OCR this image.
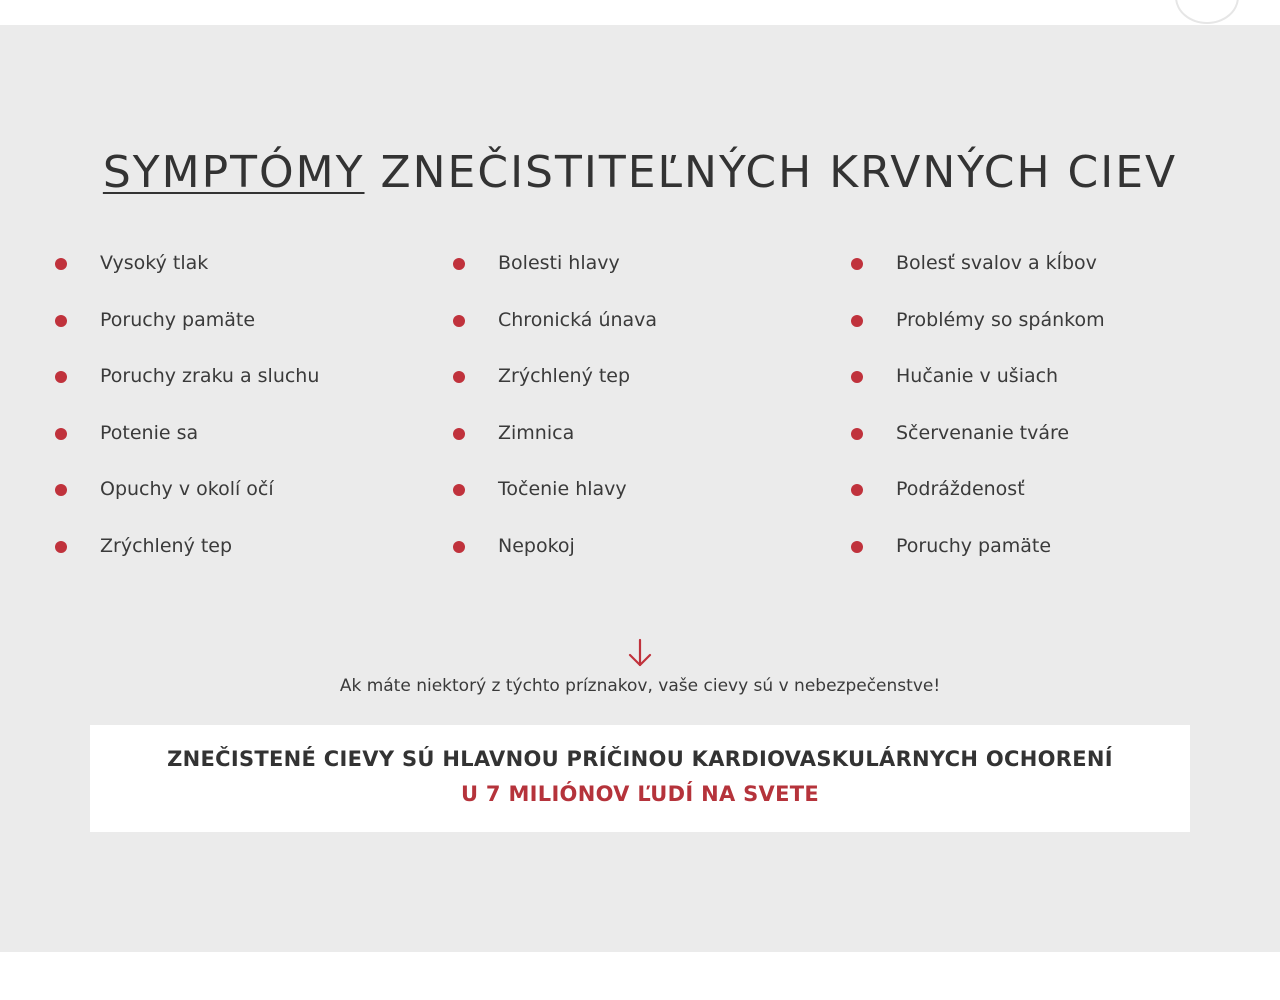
SYMPTÓMY ZNEČISTITEĽNÝCH KRVNÝCH CIEV
Vysoký tlak
Poruchy pamäte
Poruchy zraku a sluchu
Potenie sa
Opuchy v okolí očí
Zrýchlený tep
Bolesti hlavy
Chronická únava
Zrýchlený tep
Zimnica
Točenie hlavy
Nepokoj
Bolesť svalov a kĺbov
Problémy so spánkom
Hučanie v ušiach
Sčervenanie tváre
Podráždenosť
Poruchy pamäte
Ak máte niektorý z týchto príznakov, vaše cievy sú v nebezpečenstve!
ZNEČISTENÉ CIEVY SÚ HLAVNOU PRÍČINOU KARDIOVASKULÁRNYCH OCHORENÍ
U 7 MILIÓNOV ĽUDÍ NA SVETE
